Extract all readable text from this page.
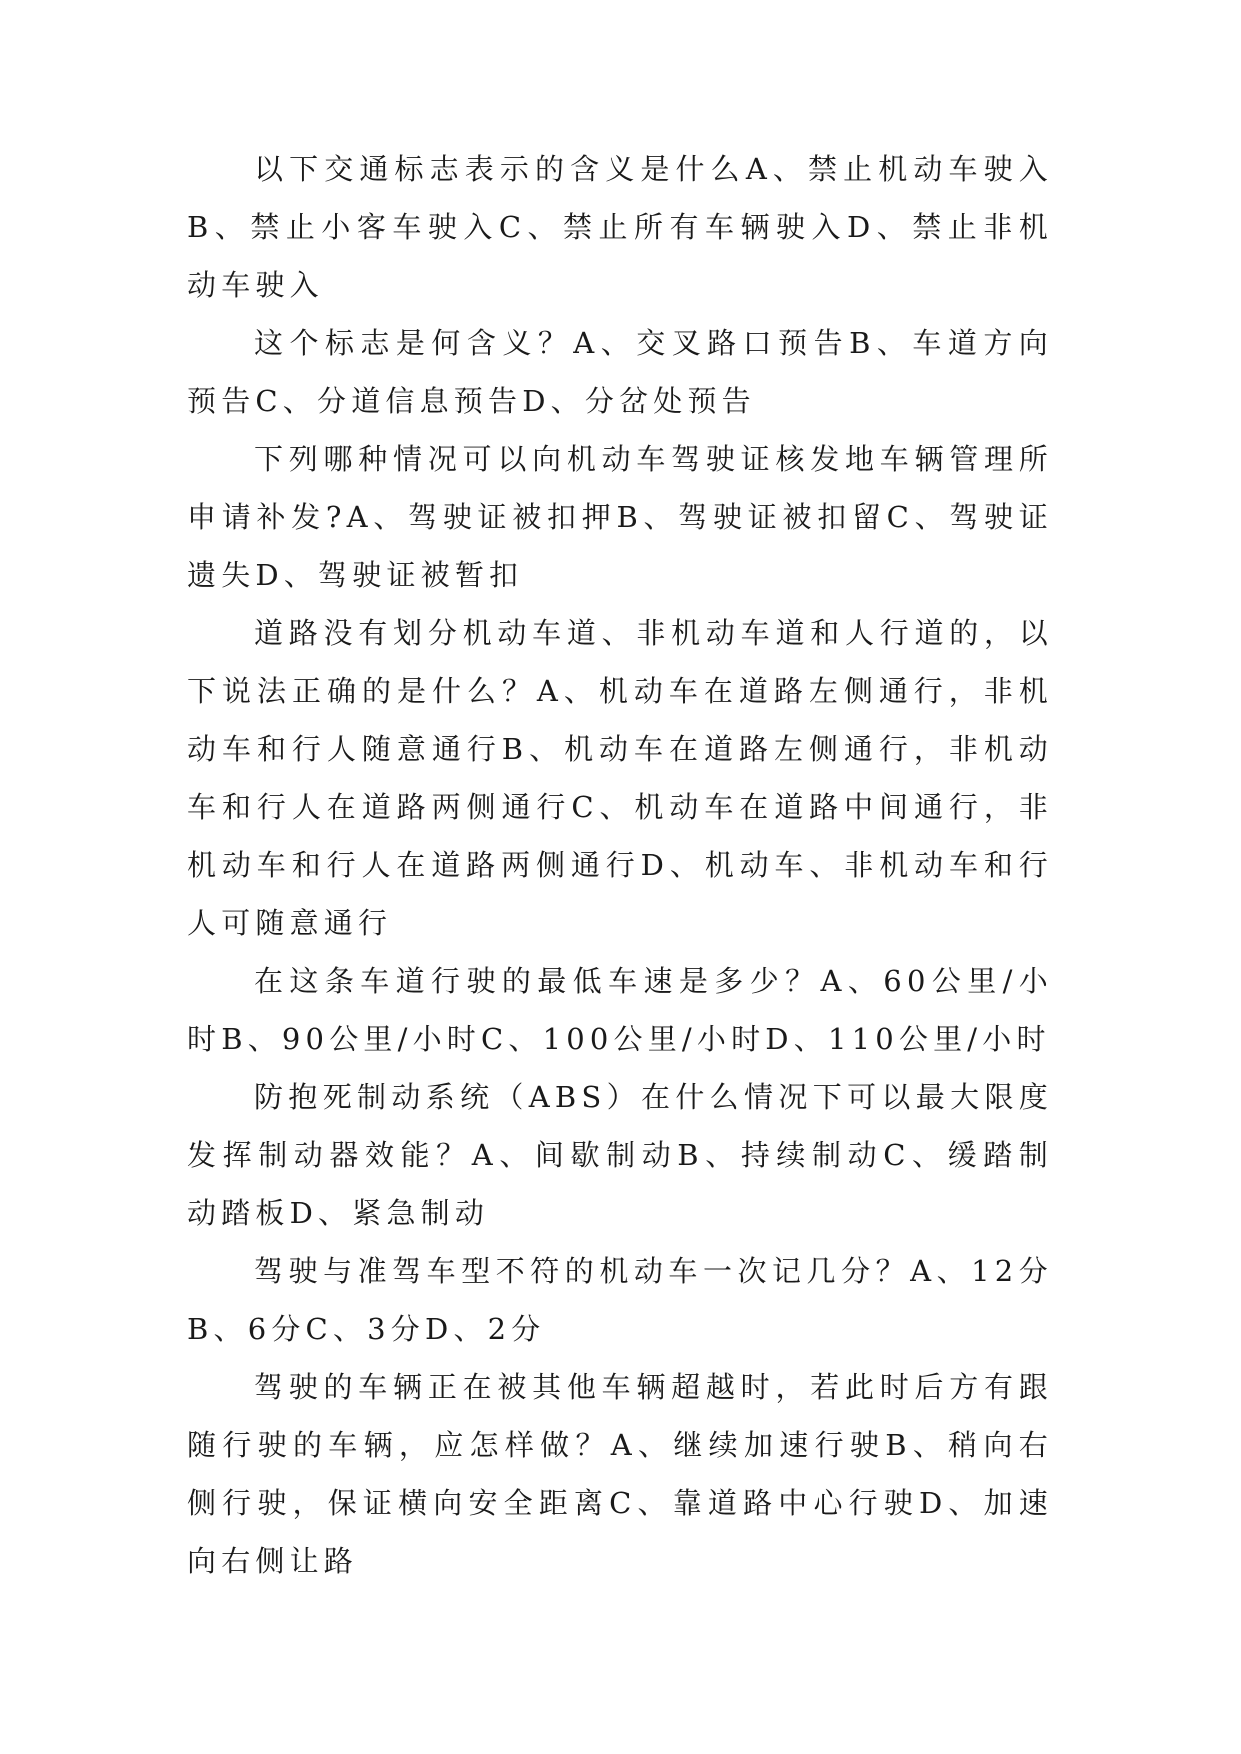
以下交通标志表示的含义是什么A、禁止机动车驶入B、禁止小客车驶入C、禁止所有车辆驶入D、禁止非机动车驶入

这个标志是何含义？A、交叉路口预告B、车道方向预告C、分道信息预告D、分岔处预告

下列哪种情况可以向机动车驾驶证核发地车辆管理所申请补发?A、驾驶证被扣押B、驾驶证被扣留C、驾驶证遗失D、驾驶证被暂扣

道路没有划分机动车道、非机动车道和人行道的，以下说法正确的是什么？A、机动车在道路左侧通行，非机动车和行人随意通行B、机动车在道路左侧通行，非机动车和行人在道路两侧通行C、机动车在道路中间通行，非机动车和行人在道路两侧通行D、机动车、非机动车和行人可随意通行

在这条车道行驶的最低车速是多少？A、60公里/小时B、90公里/小时C、100公里/小时D、110公里/小时

防抱死制动系统（ABS）在什么情况下可以最大限度发挥制动器效能？A、间歇制动B、持续制动C、缓踏制动踏板D、紧急制动

驾驶与准驾车型不符的机动车一次记几分？A、12分B、6分C、3分D、2分

驾驶的车辆正在被其他车辆超越时，若此时后方有跟随行驶的车辆，应怎样做？A、继续加速行驶B、稍向右侧行驶，保证横向安全距离C、靠道路中心行驶D、加速向右侧让路
